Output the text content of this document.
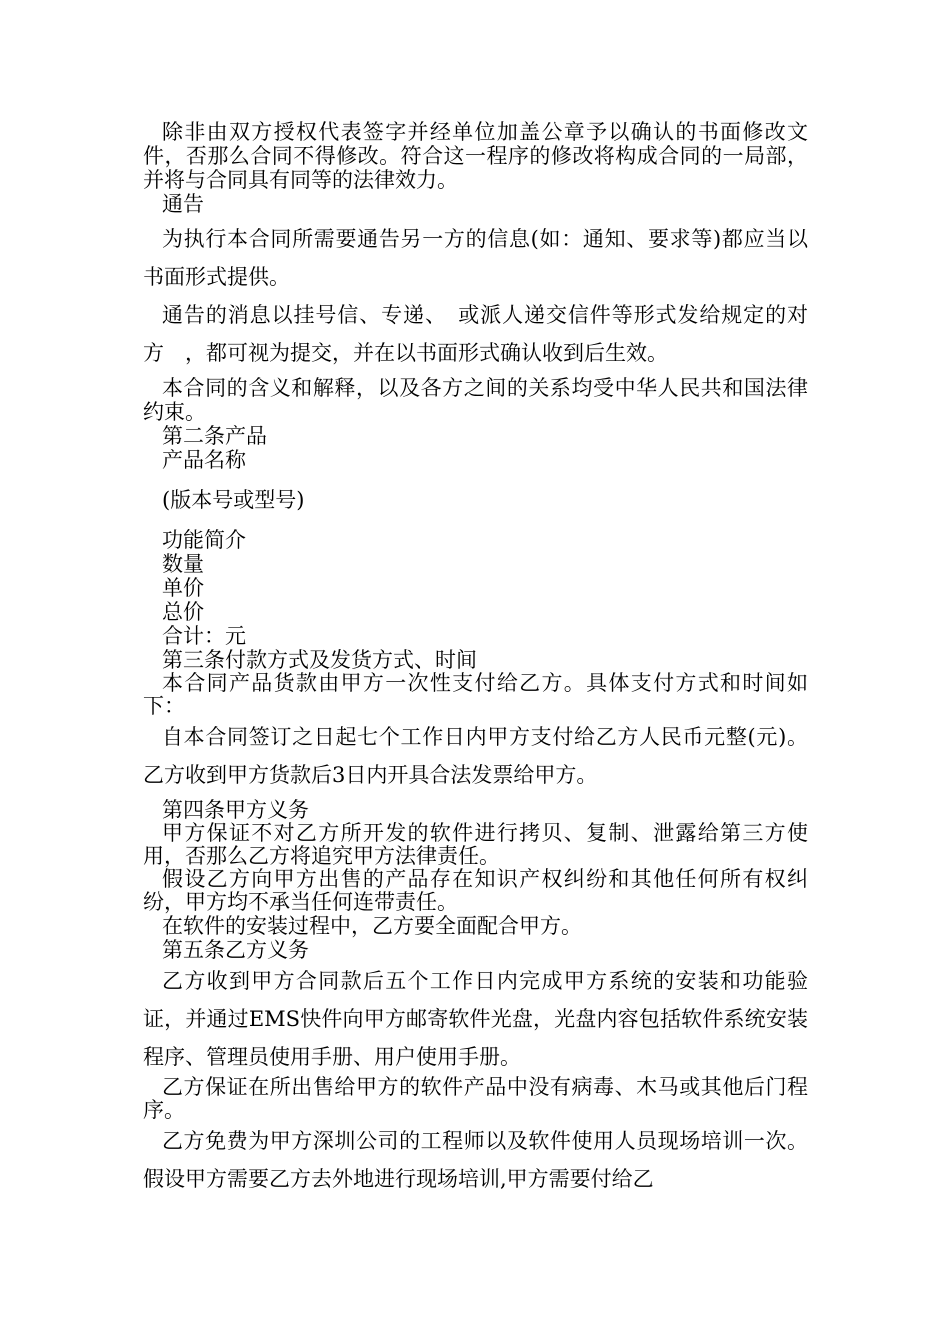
除非由双方授权代表签字并经单位加盖公章予以确认的书面修改文件，否那么合同不得修改。符合这一程序的修改将构成合同的一局部，并将与合同具有同等的法律效力。

通告

为执行本合同所需要通告另一方的信息(如：通知、要求等)都应当以书面形式提供。

通告的消息以挂号信、专递、　或派人递交信件等形式发给规定的对方　，都可视为提交，并在以书面形式确认收到后生效。

本合同的含义和解释，以及各方之间的关系均受中华人民共和国法律约束。

第二条产品

产品名称

(版本号或型号)

功能简介

数量

单价

总价

合计：元

第三条付款方式及发货方式、时间

本合同产品货款由甲方一次性支付给乙方。具体支付方式和时间如下：

自本合同签订之日起七个工作日内甲方支付给乙方人民币元整(元)。乙方收到甲方货款后3日内开具合法发票给甲方。

第四条甲方义务

甲方保证不对乙方所开发的软件进行拷贝、复制、泄露给第三方使用，否那么乙方将追究甲方法律责任。

假设乙方向甲方出售的产品存在知识产权纠纷和其他任何所有权纠纷，甲方均不承当任何连带责任。

在软件的安装过程中，乙方要全面配合甲方。

第五条乙方义务

乙方收到甲方合同款后五个工作日内完成甲方系统的安装和功能验证，并通过EMS快件向甲方邮寄软件光盘，光盘内容包括软件系统安装程序、管理员使用手册、用户使用手册。

乙方保证在所出售给甲方的软件产品中没有病毒、木马或其他后门程序。

乙方免费为甲方深圳公司的工程师以及软件使用人员现场培训一次。假设甲方需要乙方去外地进行现场培训,甲方需要付给乙
